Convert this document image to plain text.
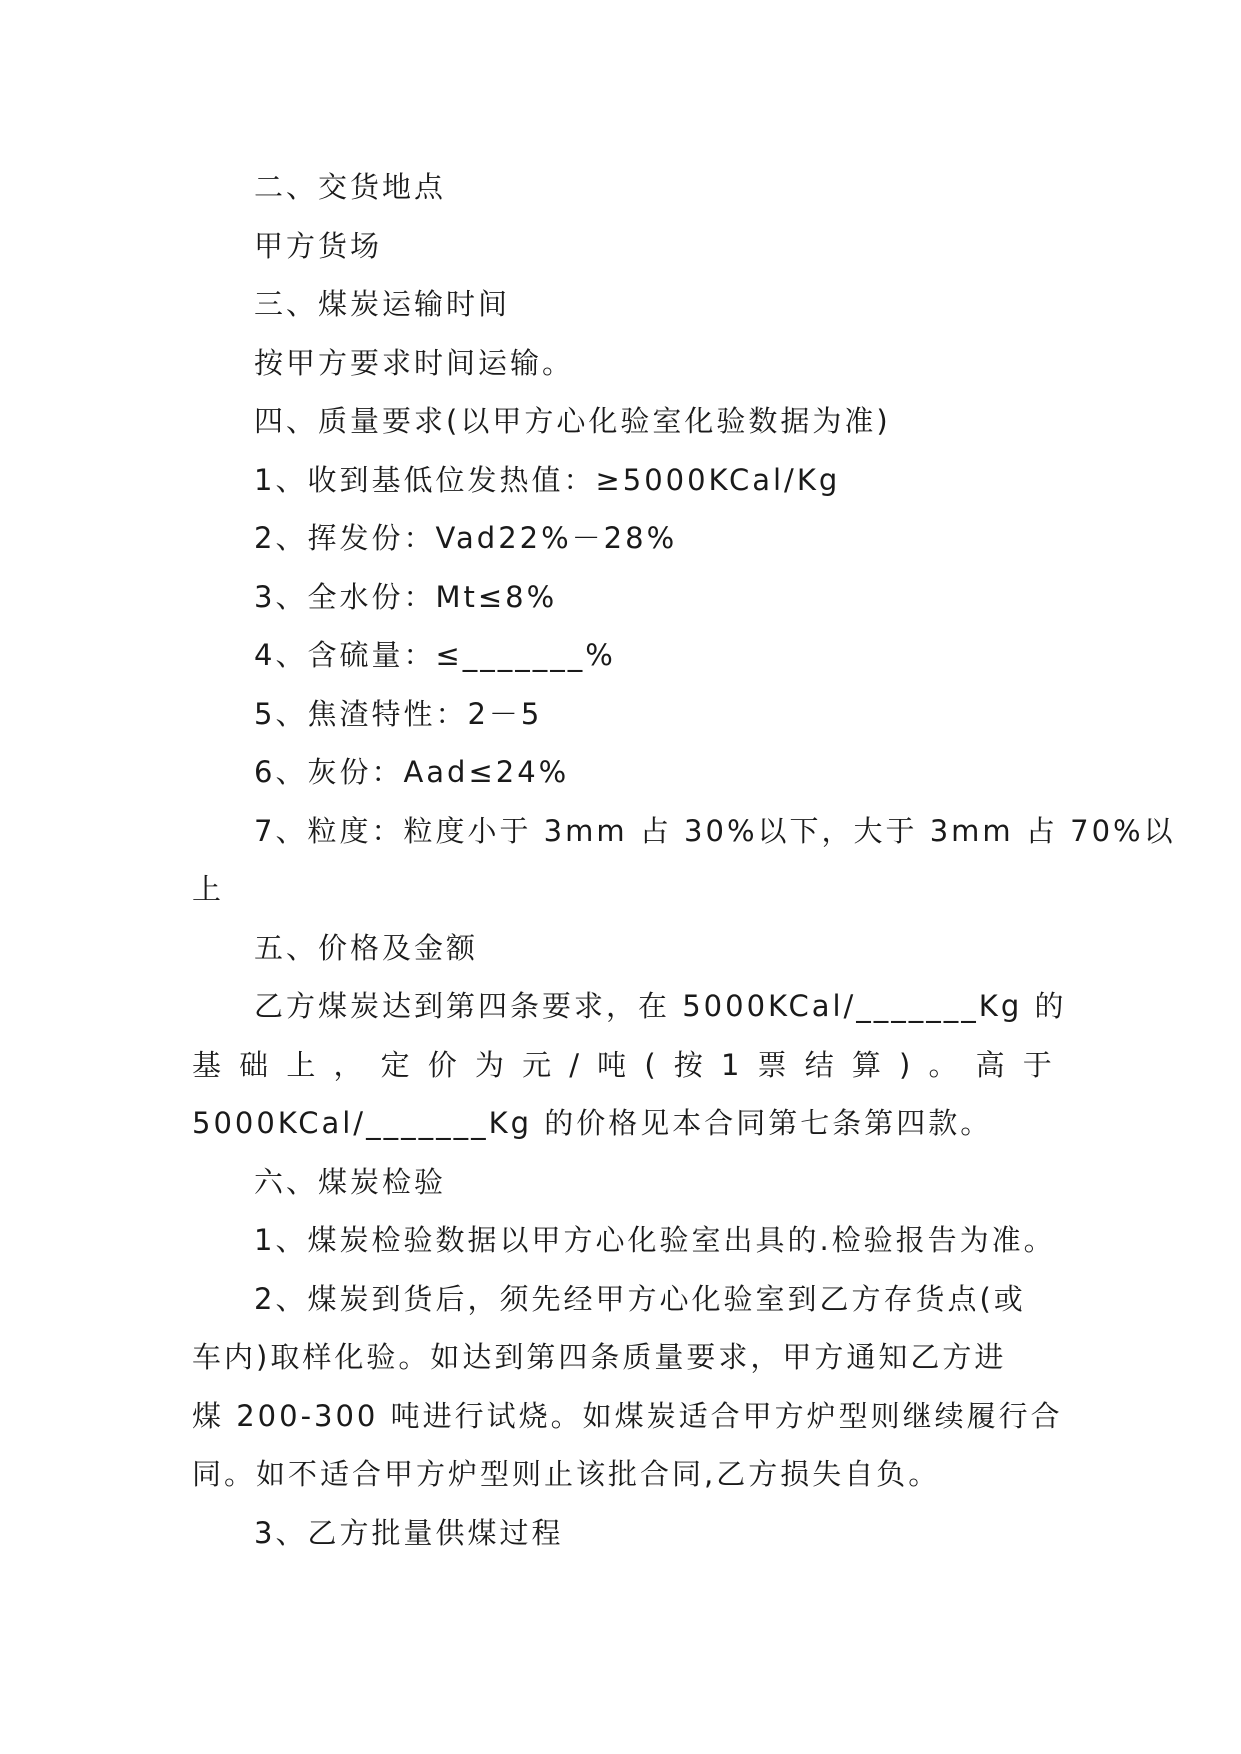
二、交货地点
甲方货场
三、煤炭运输时间
按甲方要求时间运输。
四、质量要求(以甲方心化验室化验数据为准)
1、收到基低位发热值：≥5000KCal/Kg
2、挥发份：Vad22%－28%
3、全水份：Mt≤8%
4、含硫量：≤_______%
5、焦渣特性：2－5
6、灰份：Aad≤24%
7、粒度：粒度小于 3mm 占 30%以下，大于 3mm 占 70%以
上
五、价格及金额
乙方煤炭达到第四条要求，在 5000KCal/_______Kg 的
基 础 上 ， 定 价 为 元 / 吨 ( 按 1 票 结 算 ) 。 高 于
5000KCal/_______Kg 的价格见本合同第七条第四款。
六、煤炭检验
1、煤炭检验数据以甲方心化验室出具的.检验报告为准。
2、煤炭到货后，须先经甲方心化验室到乙方存货点(或
车内)取样化验。如达到第四条质量要求，甲方通知乙方进
煤 200-300 吨进行试烧。如煤炭适合甲方炉型则继续履行合
同。如不适合甲方炉型则止该批合同,乙方损失自负。
3、乙方批量供煤过程
